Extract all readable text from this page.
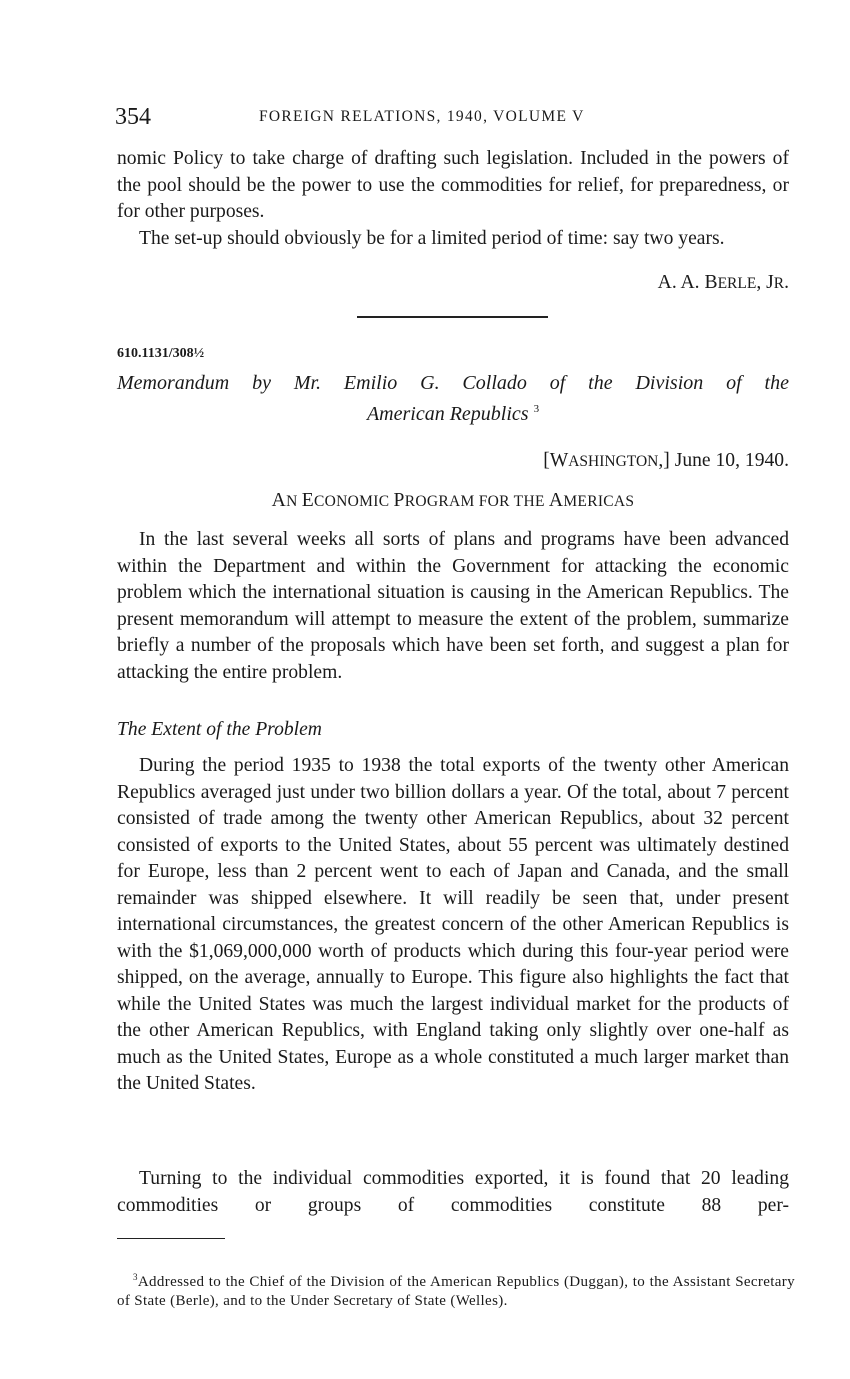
354	FOREIGN RELATIONS, 1940, VOLUME V

nomic Policy to take charge of drafting such legislation. Included in the powers of the pool should be the power to use the commodities for relief, for preparedness, or for other purposes.

The set-up should obviously be for a limited period of time: say two years.

A. A. BERLE, JR.
610.1131/308½
Memorandum by Mr. Emilio G. Collado of the Division of the
American Republics $^3$
[WASHINGTON,] June 10, 1940.
AN ECONOMIC PROGRAM FOR THE AMERICAS

In the last several weeks all sorts of plans and programs have been advanced within the Department and within the Government for attacking the economic problem which the international situation is causing in the American Republics. The present memorandum will attempt to measure the extent of the problem, summarize briefly a number of the proposals which have been set forth, and suggest a plan for attacking the entire problem.

The Extent of the Problem

During the period 1935 to 1938 the total exports of the twenty other American Republics averaged just under two billion dollars a year. Of the total, about 7 percent consisted of trade among the twenty other American Republics, about 32 percent consisted of exports to the United States, about 55 percent was ultimately destined for Europe, less than 2 percent went to each of Japan and Canada, and the small remainder was shipped elsewhere. It will readily be seen that, under present international circumstances, the greatest concern of the other American Republics is with the $1,069,000,000 worth of products which during this four-year period were shipped, on the average, annually to Europe. This figure also highlights the fact that while the United States was much the largest individual market for the products of the other American Republics, with England taking only slightly over one-half as much as the United States, Europe as a whole constituted a much larger market than the United States.

Turning to the individual commodities exported, it is found that 20 leading commodities or groups of commodities constitute 88 per-

$^3$Addressed to the Chief of the Division of the American Republics (Duggan), to the Assistant Secretary of State (Berle), and to the Under Secretary of State (Welles).
